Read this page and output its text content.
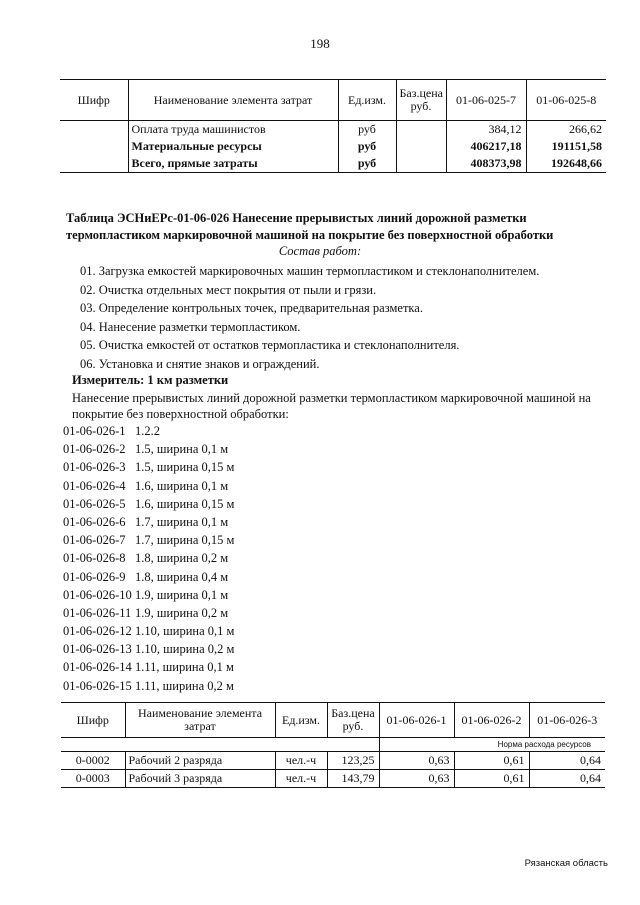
198
Шифр	Наименование элемента затрат	Ед.изм.	Баз.цена руб.	01-06-025-7	01-06-025-8
	Оплата труда машинистов	руб		384,12	266,62
	Материальные ресурсы	руб		406217,18	191151,58
	Всего, прямые затраты	руб		408373,98	192648,66
Таблица ЭСНиЕРс-01-06-026 Нанесение прерывистых линий дорожной разметки термопластиком маркировочной машиной на покрытие без поверхностной обработки
Состав работ:
01. Загрузка емкостей маркировочных машин термопластиком и стеклонаполнителем.
02. Очистка отдельных мест покрытия от пыли и грязи.
03. Определение контрольных точек, предварительная разметка.
04. Нанесение разметки термопластиком.
05. Очистка емкостей от остатков термопластика и стеклонаполнителя.
06. Установка и снятие знаков и ограждений.
Измеритель: 1 км разметки
Нанесение прерывистых линий дорожной разметки термопластиком маркировочной машиной на покрытие без поверхностной обработки:
01-06-026-1 1.2.2
01-06-026-2 1.5, ширина 0,1 м
01-06-026-3 1.5, ширина 0,15 м
01-06-026-4 1.6, ширина 0,1 м
01-06-026-5 1.6, ширина 0,15 м
01-06-026-6 1.7, ширина 0,1 м
01-06-026-7 1.7, ширина 0,15 м
01-06-026-8 1.8, ширина 0,2 м
01-06-026-9 1.8, ширина 0,4 м
01-06-026-10 1.9, ширина 0,1 м
01-06-026-11 1.9, ширина 0,2 м
01-06-026-12 1.10, ширина 0,1 м
01-06-026-13 1.10, ширина 0,2 м
01-06-026-14 1.11, ширина 0,1 м
01-06-026-15 1.11, ширина 0,2 м
Шифр	Наименование элемента затрат	Ед.изм.	Баз.цена руб.	01-06-026-1	01-06-026-2	01-06-026-3
				Норма расхода ресурсов		
0-0002	Рабочий 2 разряда	чел.-ч	123,25	0,63	0,61	0,64
0-0003	Рабочий 3 разряда	чел.-ч	143,79	0,63	0,61	0,64
Рязанская область
